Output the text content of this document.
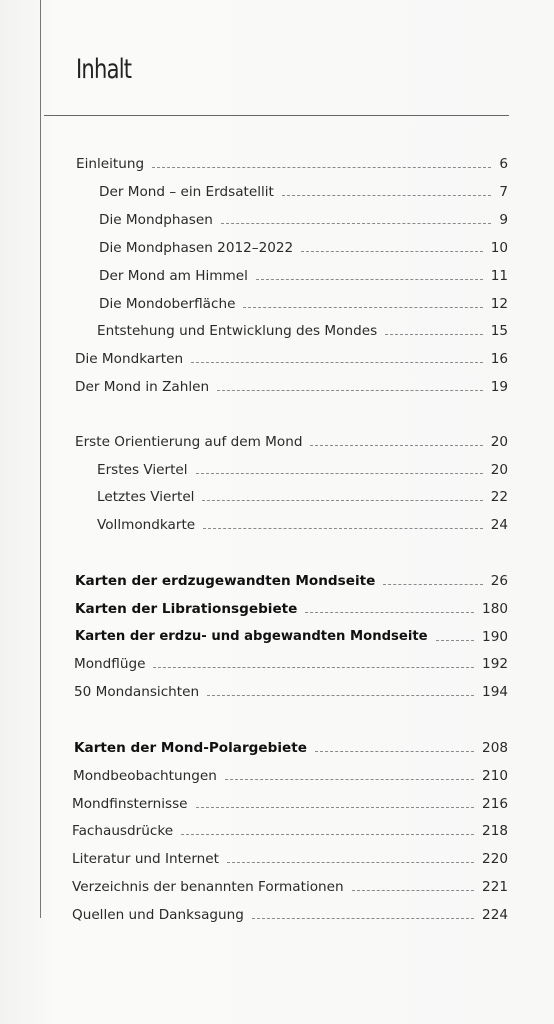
Inhalt
Einleitung	6
Der Mond – ein Erdsatellit	7
Die Mondphasen	9
Die Mondphasen 2012–2022	10
Der Mond am Himmel	11
Die Mondoberfläche	12
Entstehung und Entwicklung des Mondes	15
Die Mondkarten	16
Der Mond in Zahlen	19
Erste Orientierung auf dem Mond	20
Erstes Viertel	20
Letztes Viertel	22
Vollmondkarte	24
Karten der erdzugewandten Mondseite	26
Karten der Librationsgebiete	180
Karten der erdzu- und abgewandten Mondseite	190
Mondflüge	192
50 Mondansichten	194
Karten der Mond-Polargebiete	208
Mondbeobachtungen	210
Mondfinsternisse	216
Fachausdrücke	218
Literatur und Internet	220
Verzeichnis der benannten Formationen	221
Quellen und Danksagung	224
